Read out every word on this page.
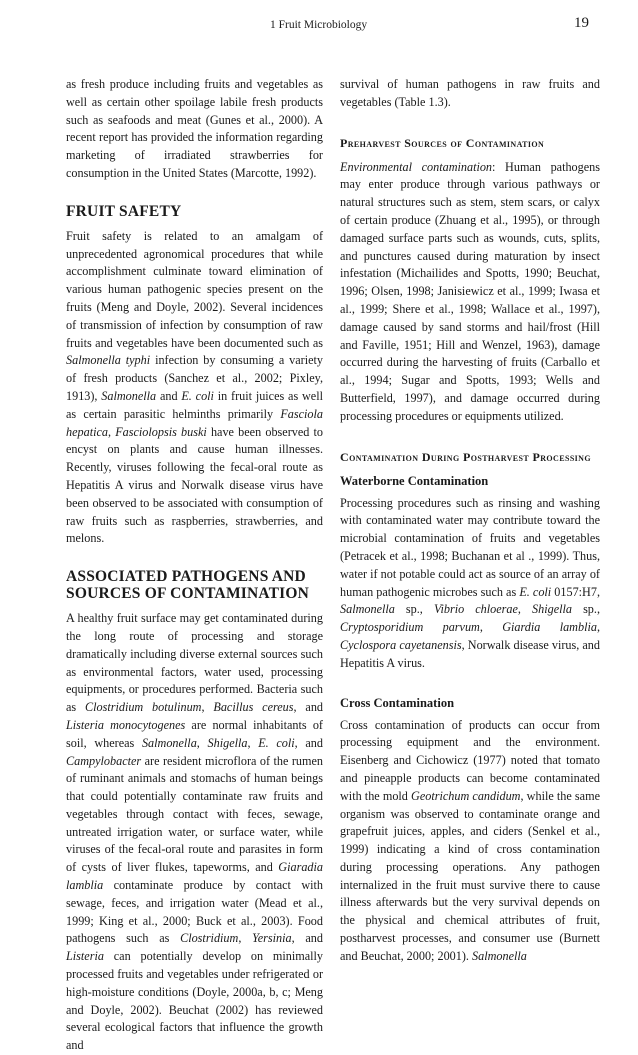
1 Fruit Microbiology	19

as fresh produce including fruits and vegetables as well as certain other spoilage labile fresh products such as seafoods and meat (Gunes et al., 2000). A recent report has provided the information regarding marketing of irradiated strawberries for consumption in the United States (Marcotte, 1992).

FRUIT SAFETY

Fruit safety is related to an amalgam of unprecedented agronomical procedures that while accomplishment culminate toward elimination of various human pathogenic species present on the fruits (Meng and Doyle, 2002). Several incidences of transmission of infection by consumption of raw fruits and vegetables have been documented such as Salmonella typhi infection by consuming a variety of fresh products (Sanchez et al., 2002; Pixley, 1913), Salmonella and E. coli in fruit juices as well as certain parasitic helminths primarily Fasciola hepatica, Fasciolopsis buski have been observed to encyst on plants and cause human illnesses. Recently, viruses following the fecal-oral route as Hepatitis A virus and Norwalk disease virus have been observed to be associated with consumption of raw fruits such as raspberries, strawberries, and melons.

ASSOCIATED PATHOGENS AND SOURCES OF CONTAMINATION

A healthy fruit surface may get contaminated during the long route of processing and storage dramatically including diverse external sources such as environmental factors, water used, processing equipments, or procedures performed. Bacteria such as Clostridium botulinum, Bacillus cereus, and Listeria monocytogenes are normal inhabitants of soil, whereas Salmonella, Shigella, E. coli, and Campylobacter are resident microflora of the rumen of ruminant animals and stomachs of human beings that could potentially contaminate raw fruits and vegetables through contact with feces, sewage, untreated irrigation water, or surface water, while viruses of the fecal-oral route and parasites in form of cysts of liver flukes, tapeworms, and Giaradia lamblia contaminate produce by contact with sewage, feces, and irrigation water (Mead et al., 1999; King et al., 2000; Buck et al., 2003). Food pathogens such as Clostridium, Yersinia, and Listeria can potentially develop on minimally processed fruits and vegetables under refrigerated or high-moisture conditions (Doyle, 2000a, b, c; Meng and Doyle, 2002). Beuchat (2002) has reviewed several ecological factors that influence the growth and

survival of human pathogens in raw fruits and vegetables (Table 1.3).

Preharvest Sources of Contamination

Environmental contamination: Human pathogens may enter produce through various pathways or natural structures such as stem, stem scars, or calyx of certain produce (Zhuang et al., 1995), or through damaged surface parts such as wounds, cuts, splits, and punctures caused during maturation by insect infestation (Michailides and Spotts, 1990; Beuchat, 1996; Olsen, 1998; Janisiewicz et al., 1999; Iwasa et al., 1999; Shere et al., 1998; Wallace et al., 1997), damage caused by sand storms and hail/frost (Hill and Faville, 1951; Hill and Wenzel, 1963), damage occurred during the harvesting of fruits (Carballo et al., 1994; Sugar and Spotts, 1993; Wells and Butterfield, 1997), and damage occurred during processing procedures or equipments utilized.

Contamination During Postharvest Processing
Waterborne Contamination

Processing procedures such as rinsing and washing with contaminated water may contribute toward the microbial contamination of fruits and vegetables (Petracek et al., 1998; Buchanan et al ., 1999). Thus, water if not potable could act as source of an array of human pathogenic microbes such as E. coli 0157:H7, Salmonella sp., Vibrio chloerae, Shigella sp., Cryptosporidium parvum, Giardia lamblia, Cyclospora cayetanensis, Norwalk disease virus, and Hepatitis A virus.

Cross Contamination

Cross contamination of products can occur from processing equipment and the environment. Eisenberg and Cichowicz (1977) noted that tomato and pineapple products can become contaminated with the mold Geotrichum candidum, while the same organism was observed to contaminate orange and grapefruit juices, apples, and ciders (Senkel et al., 1999) indicating a kind of cross contamination during processing operations. Any pathogen internalized in the fruit must survive there to cause illness afterwards but the very survival depends on the physical and chemical attributes of fruit, postharvest processes, and consumer use (Burnett and Beuchat, 2000; 2001). Salmonella
